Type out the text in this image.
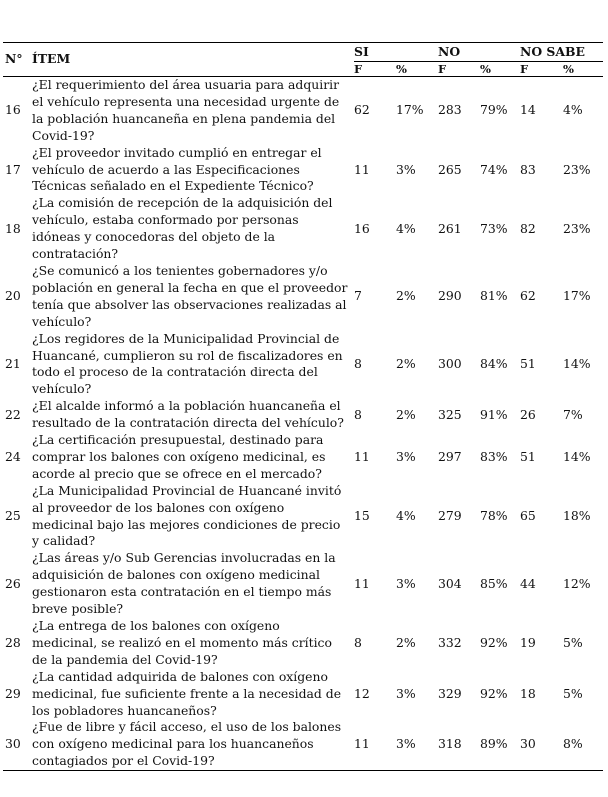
N°	ÍTEM	SI		NO		NO SABE	
		F	%	F	%	F	%
16	¿El requerimiento del área usuaria para adquirir el vehículo representa una necesidad urgente de la población huancaneña en plena pandemia del Covid-19?	62	17%	283	79%	14	4%
17	¿El proveedor invitado cumplió en entregar el vehículo de acuerdo a las Especificaciones Técnicas señalado en el Expediente Técnico?	11	3%	265	74%	83	23%
18	¿La comisión de recepción de la adquisición del vehículo, estaba conformado por personas idóneas y conocedoras del objeto de la contratación?	16	4%	261	73%	82	23%
20	¿Se comunicó a los tenientes gobernadores y/o población en general la fecha en que el proveedor tenía que absolver las observaciones realizadas al vehículo?	7	2%	290	81%	62	17%
21	¿Los regidores de la Municipalidad Provincial de Huancané, cumplieron su rol de fiscalizadores en todo el proceso de la contratación directa del vehículo?	8	2%	300	84%	51	14%
22	¿El alcalde informó a la población huancaneña el resultado de la contratación directa del vehículo?	8	2%	325	91%	26	7%
24	¿La certificación presupuestal, destinado para comprar los balones con oxígeno medicinal, es acorde al precio que se ofrece en el mercado?	11	3%	297	83%	51	14%
25	¿La Municipalidad Provincial de Huancané invitó al proveedor de los balones con oxígeno medicinal bajo las mejores condiciones de precio y calidad?	15	4%	279	78%	65	18%
26	¿Las áreas y/o Sub Gerencias involucradas en la adquisición de balones con oxígeno medicinal gestionaron esta contratación en el tiempo más breve posible?	11	3%	304	85%	44	12%
28	¿La entrega de los balones con oxígeno medicinal, se realizó en el momento más crítico de la pandemia del Covid-19?	8	2%	332	92%	19	5%
29	¿La cantidad adquirida de balones con oxígeno medicinal, fue suficiente frente a la necesidad de los pobladores huancaneños?	12	3%	329	92%	18	5%
30	¿Fue de libre y fácil acceso, el uso de los balones con oxígeno medicinal para los huancaneños contagiados por el Covid-19?	11	3%	318	89%	30	8%
